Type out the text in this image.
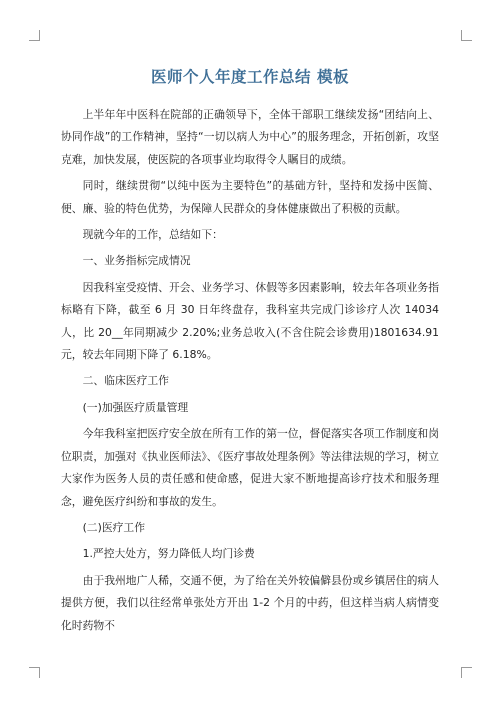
医师个人年度工作总结 模板

上半年年中医科在院部的正确领导下，全体干部职工继续发扬“团结向上、协同作战”的工作精神，坚持“一切以病人为中心”的服务理念，开拓创新，攻坚克难，加快发展，使医院的各项事业均取得令人瞩目的成绩。

同时，继续贯彻“以纯中医为主要特色”的基础方针，坚持和发扬中医简、便、廉、验的特色优势，为保障人民群众的身体健康做出了积极的贡献。

现就今年的工作，总结如下：

一、业务指标完成情况

因我科室受疫情、开会、业务学习、休假等多因素影响，较去年各项业务指标略有下降，截至 6 月 30 日年终盘存，我科室共完成门诊诊疗人次 14034 人，比 20__年同期减少 2.20%;业务总收入(不含住院会诊费用)1801634.91 元，较去年同期下降了 6.18%。

二、临床医疗工作

(一)加强医疗质量管理

今年我科室把医疗安全放在所有工作的第一位，督促落实各项工作制度和岗位职责，加强对《执业医师法》、《医疗事故处理条例》等法律法规的学习，树立大家作为医务人员的责任感和使命感，促进大家不断地提高诊疗技术和服务理念，避免医疗纠纷和事故的发生。

(二)医疗工作

1.严控大处方，努力降低人均门诊费

由于我州地广人稀，交通不便，为了给在关外较偏僻县份或乡镇居住的病人提供方便，我们以往经常单张处方开出 1-2 个月的中药，但这样当病人病情变化时药物不
